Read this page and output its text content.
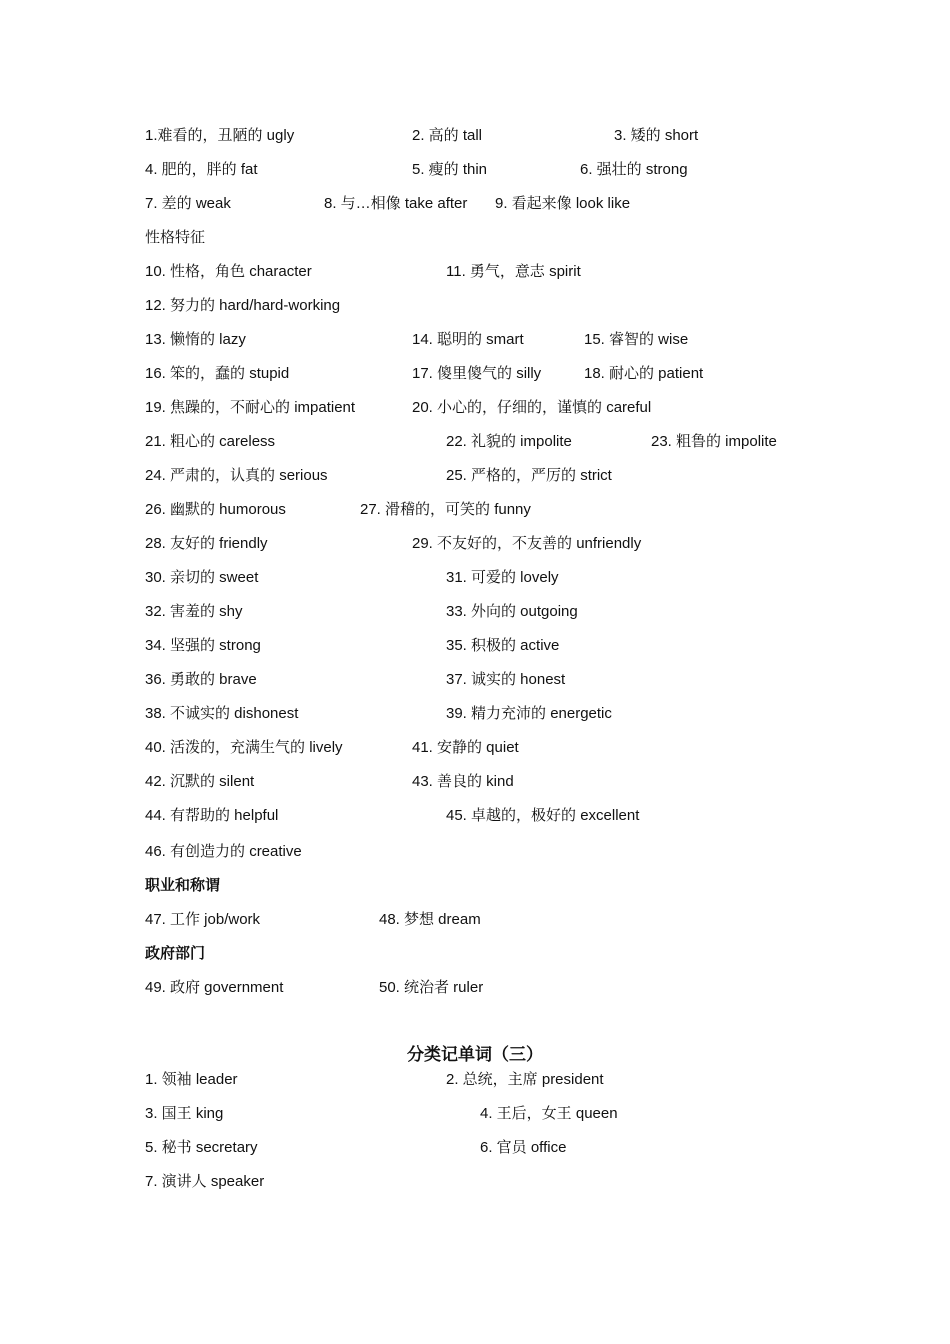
1.难看的，丑陋的 ugly	2. 高的 tall	3. 矮的 short
4. 肥的，胖的 fat	5. 瘦的 thin	6. 强壮的 strong
7. 差的 weak	8. 与…相像 take after 9. 看起来像 look like
性格特征
10. 性格，角色 character	11. 勇气，意志 spirit
12. 努力的 hard/hard-working
13. 懒惰的 lazy	14. 聪明的 smart	15. 睿智的 wise
16. 笨的，蠢的 stupid	17. 傻里傻气的 silly	18. 耐心的 patient
19. 焦躁的，不耐心的 impatient	20. 小心的，仔细的，谨慎的 careful
21. 粗心的 careless	22. 礼貌的 impolite	23. 粗鲁的 impolite
24. 严肃的，认真的 serious	25. 严格的，严厉的 strict
26. 幽默的 humorous	27. 滑稽的，可笑的 funny
28. 友好的 friendly	29. 不友好的，不友善的 unfriendly
30. 亲切的 sweet	31. 可爱的 lovely
32. 害羞的 shy	33. 外向的 outgoing
34. 坚强的 strong	35. 积极的 active
36. 勇敢的 brave	37. 诚实的 honest
38. 不诚实的 dishonest	39. 精力充沛的 energetic
40. 活泼的，充满生气的 lively	41. 安静的 quiet
42. 沉默的 silent	43. 善良的 kind
44. 有帮助的 helpful	45. 卓越的，极好的 excellent
46. 有创造力的 creative
职业和称谓
47. 工作 job/work	48. 梦想 dream
政府部门
49. 政府 government	50. 统治者 ruler
分类记单词（三）
1. 领袖 leader	2. 总统，主席 president
3. 国王 king	4. 王后，女王 queen
5. 秘书 secretary	6. 官员 office
7. 演讲人 speaker
